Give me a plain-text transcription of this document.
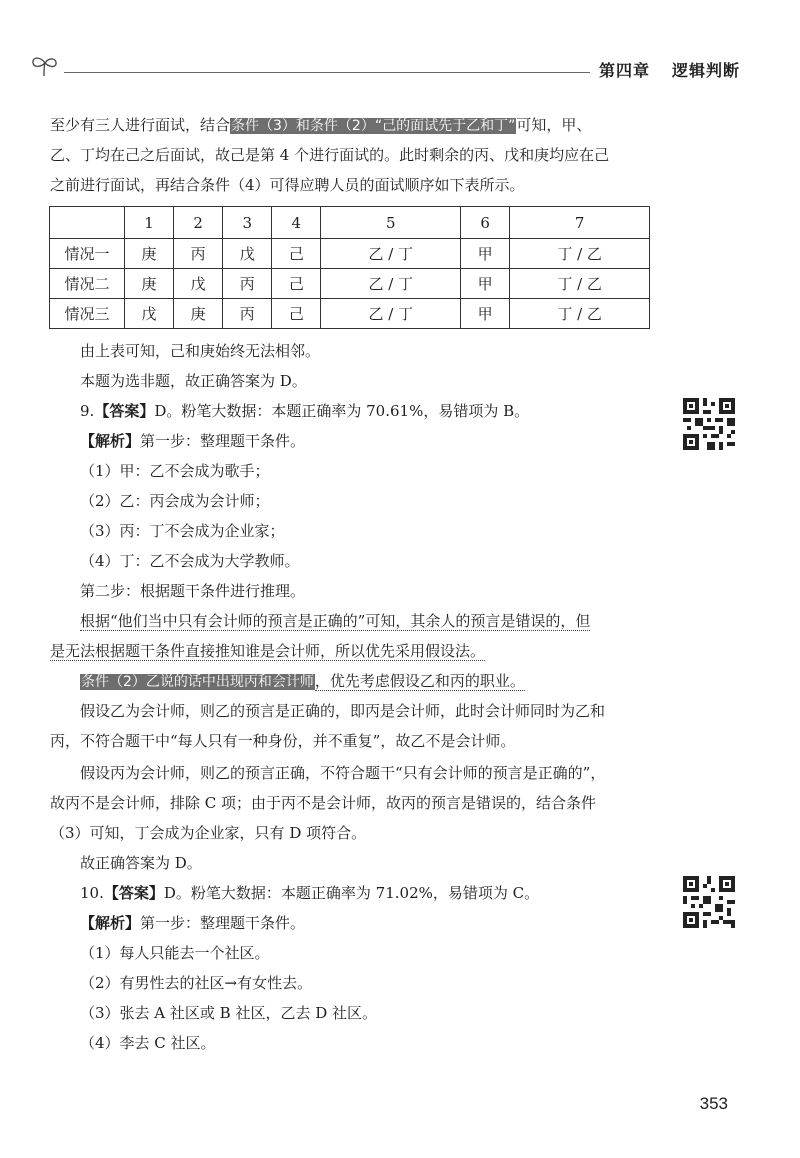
第四章 逻辑判断
至少有三人进行面试，结合条件（3）和条件（2）“己的面试先于乙和丁”可知，甲、
乙、丁均在己之后面试，故己是第 4 个进行面试的。此时剩余的丙、戊和庚均应在己
之前进行面试，再结合条件（4）可得应聘人员的面试顺序如下表所示。
	1	2	3	4	5	6	7
情况一	庚	丙	戊	己	乙 / 丁	甲	丁 / 乙
情况二	庚	戊	丙	己	乙 / 丁	甲	丁 / 乙
情况三	戊	庚	丙	己	乙 / 丁	甲	丁 / 乙
由上表可知，己和庚始终无法相邻。
本题为选非题，故正确答案为 D。
9.【答案】D。粉笔大数据：本题正确率为 70.61%，易错项为 B。
【解析】第一步：整理题干条件。
（1）甲：乙不会成为歌手；
（2）乙：丙会成为会计师；
（3）丙：丁不会成为企业家；
（4）丁：乙不会成为大学教师。
第二步：根据题干条件进行推理。
根据“他们当中只有会计师的预言是正确的”可知，其余人的预言是错误的，但
是无法根据题干条件直接推知谁是会计师，所以优先采用假设法。
条件（2）乙说的话中出现丙和会计师，优先考虑假设乙和丙的职业。
假设乙为会计师，则乙的预言是正确的，即丙是会计师，此时会计师同时为乙和
丙，不符合题干中“每人只有一种身份，并不重复”，故乙不是会计师。
假设丙为会计师，则乙的预言正确，不符合题干“只有会计师的预言是正确的”，
故丙不是会计师，排除 C 项；由于丙不是会计师，故丙的预言是错误的，结合条件
（3）可知，丁会成为企业家，只有 D 项符合。
故正确答案为 D。
10.【答案】D。粉笔大数据：本题正确率为 71.02%，易错项为 C。
【解析】第一步：整理题干条件。
（1）每人只能去一个社区。
（2）有男性去的社区→有女性去。
（3）张去 A 社区或 B 社区，乙去 D 社区。
（4）李去 C 社区。
353
